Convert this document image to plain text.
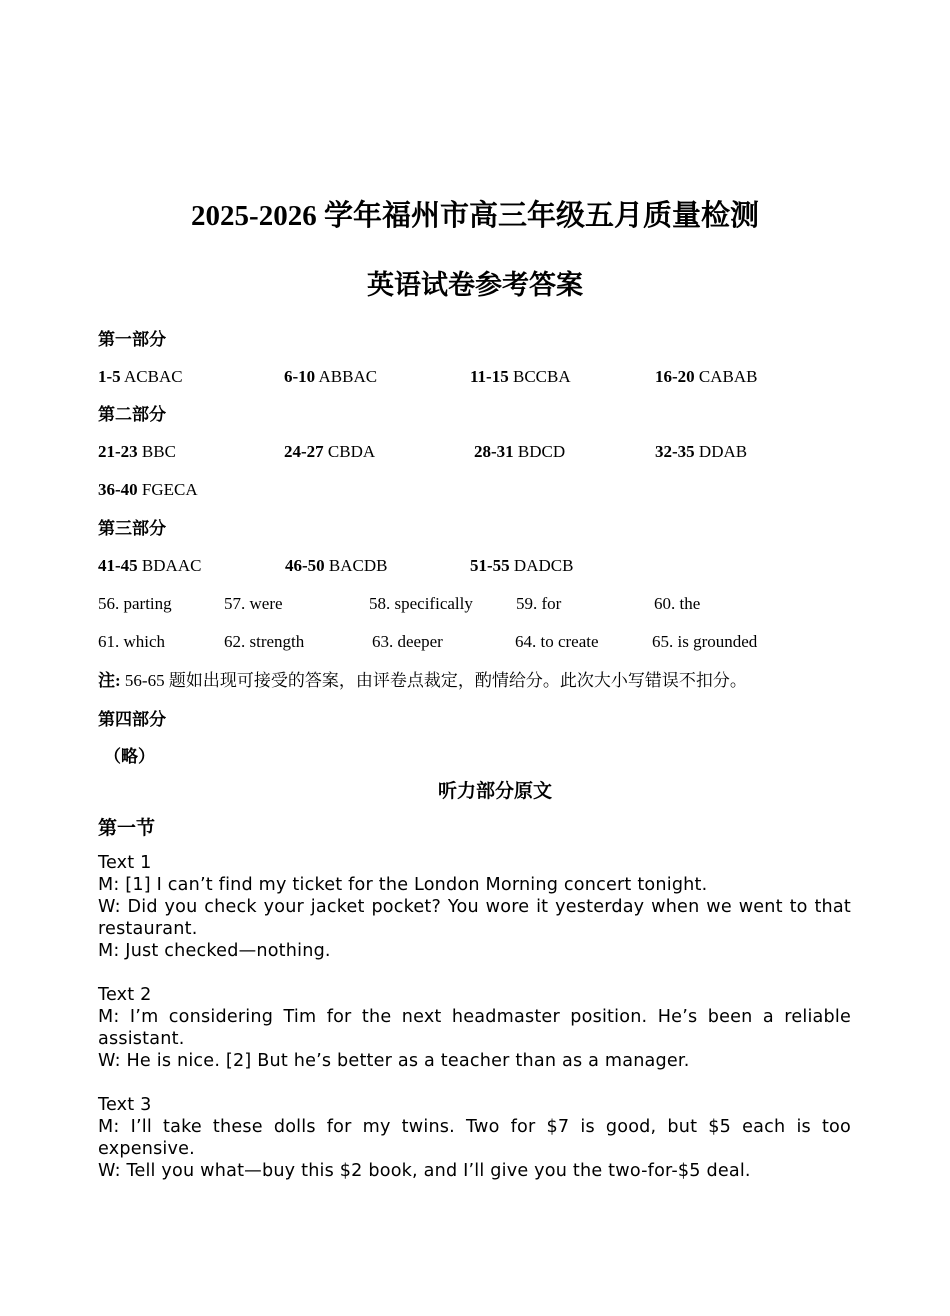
2025-2026 学年福州市高三年级五月质量检测
英语试卷参考答案
第一部分
1-5 ACBAC	6-10 ABBAC	11-15 BCCBA	16-20 CABAB
第二部分
21-23 BBC	24-27 CBDA	28-31 BDCD	32-35 DDAB
36-40 FGECA
第三部分
41-45 BDAAC	46-50 BACDB	51-55 DADCB
56. parting	57. were	58. specifically	59. for	60. the
61. which	62. strength	63. deeper	64. to create	65. is grounded
注: 56-65 题如出现可接受的答案，由评卷点裁定，酌情给分。此次大小写错误不扣分。
第四部分
（略）
听力部分原文
第一节

Text 1

M: [1] I can’t find my ticket for the London Morning concert tonight.

W: Did you check your jacket pocket? You wore it yesterday when we went to that restaurant.

M: Just checked—nothing.

Text 2

M: I’m considering Tim for the next headmaster position. He’s been a reliable assistant.

W: He is nice. [2] But he’s better as a teacher than as a manager.

Text 3

M: I’ll take these dolls for my twins. Two for $7 is good, but $5 each is too expensive.

W: Tell you what—buy this $2 book, and I’ll give you the two-for-$5 deal.
